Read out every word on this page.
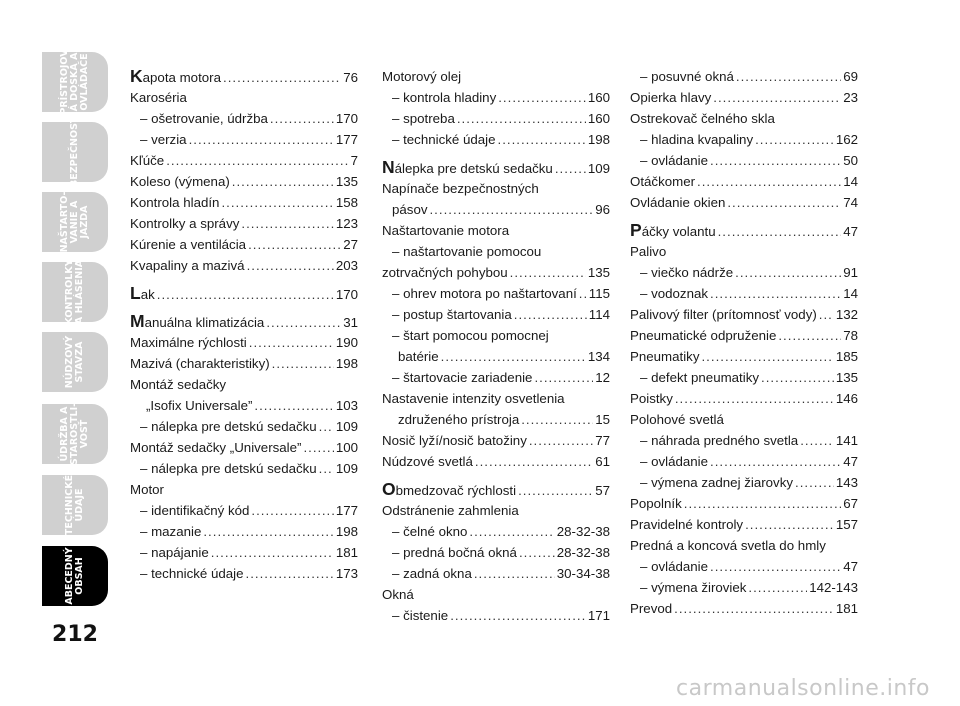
PRÍSTROJOV
Á DOSKA A
OVLÁDAČE
BEZPEČNOSŤ
NAŠTARTO-
VANIE A
JAZDA
KONTROLKY
A HLÁSENIA
NÚDZOVÝ
STAVZA
ÚDRŽBA A
STAROSTLI-
VOSŤ
TECHNICKÉ
ÚDAJE
ABECEDNÝ
OBSAH
212
Kapota motora .....	76
Karoséria
– ošetrovanie, údržba .....	170
– verzia .....	177
Kľúče .....	7
Koleso (výmena) .....	135
Kontrola hladín .....	158
Kontrolky a správy .....	123
Kúrenie a ventilácia .....	27
Kvapaliny a mazivá .....	203
Lak .....	170
Manuálna klimatizácia .....	31
Maximálne rýchlosti .....	190
Mazivá (charakteristiky) .....	198
Montáž sedačky
„Isofix Universale” .....	103
– nálepka pre detskú sedačku ..... 109
Montáž sedačky „Universale” .....	100
– nálepka pre detskú sedačku ..... 109
Motor
– identifikačný kód .....	177
– mazanie .....	198
– napájanie .....	181
– technické údaje .....	173
Motorový olej
– kontrola hladiny .....	160
– spotreba .....	160
– technické údaje .....	198
Nálepka pre detskú sedačku .....	109
Napínače bezpečnostných
pásov .....	96
Naštartovanie motora
– naštartovanie pomocou
zotrvačných pohybou .....	135
– ohrev motora po naštartovaní ..... 115
– postup štartovania .....	114
– štart pomocou pomocnej
batérie .....	134
– štartovacie zariadenie .....	12
Nastavenie intenzity osvetlenia
združeného prístroja .....	15
Nosič lyží/nosič batožiny .....	77
Núdzové svetlá .....	61
Obmedzovač rýchlosti .....	57
Odstránenie zahmlenia
– čelné okno .....	28-32-38
– predná bočná okná .....	28-32-38
– zadná okna .....	30-34-38
Okná
– čistenie .....	171
– posuvné okná .....	69
Opierka hlavy .....	23
Ostrekovač čelného skla
– hladina kvapaliny .....	162
– ovládanie .....	50
Otáčkomer .....	14
Ovládanie okien .....	74
Páčky volantu .....	47
Palivo
– viečko nádrže .....	91
– vodoznak .....	14
Palivový filter (prítomnosť vody) ..... 132
Pneumatické odpruženie .....	78
Pneumatiky .....	185
– defekt pneumatiky .....	135
Poistky .....	146
Polohové svetlá
– náhrada predného svetla .....	141
– ovládanie .....	47
– výmena zadnej žiarovky .....	143
Popolník .....	67
Pravidelné kontroly .....	157
Predná a koncová svetla do hmly
– ovládanie .....	47
– výmena žiroviek .....	142-143
Prevod .....	181
carmanualsonline.info
